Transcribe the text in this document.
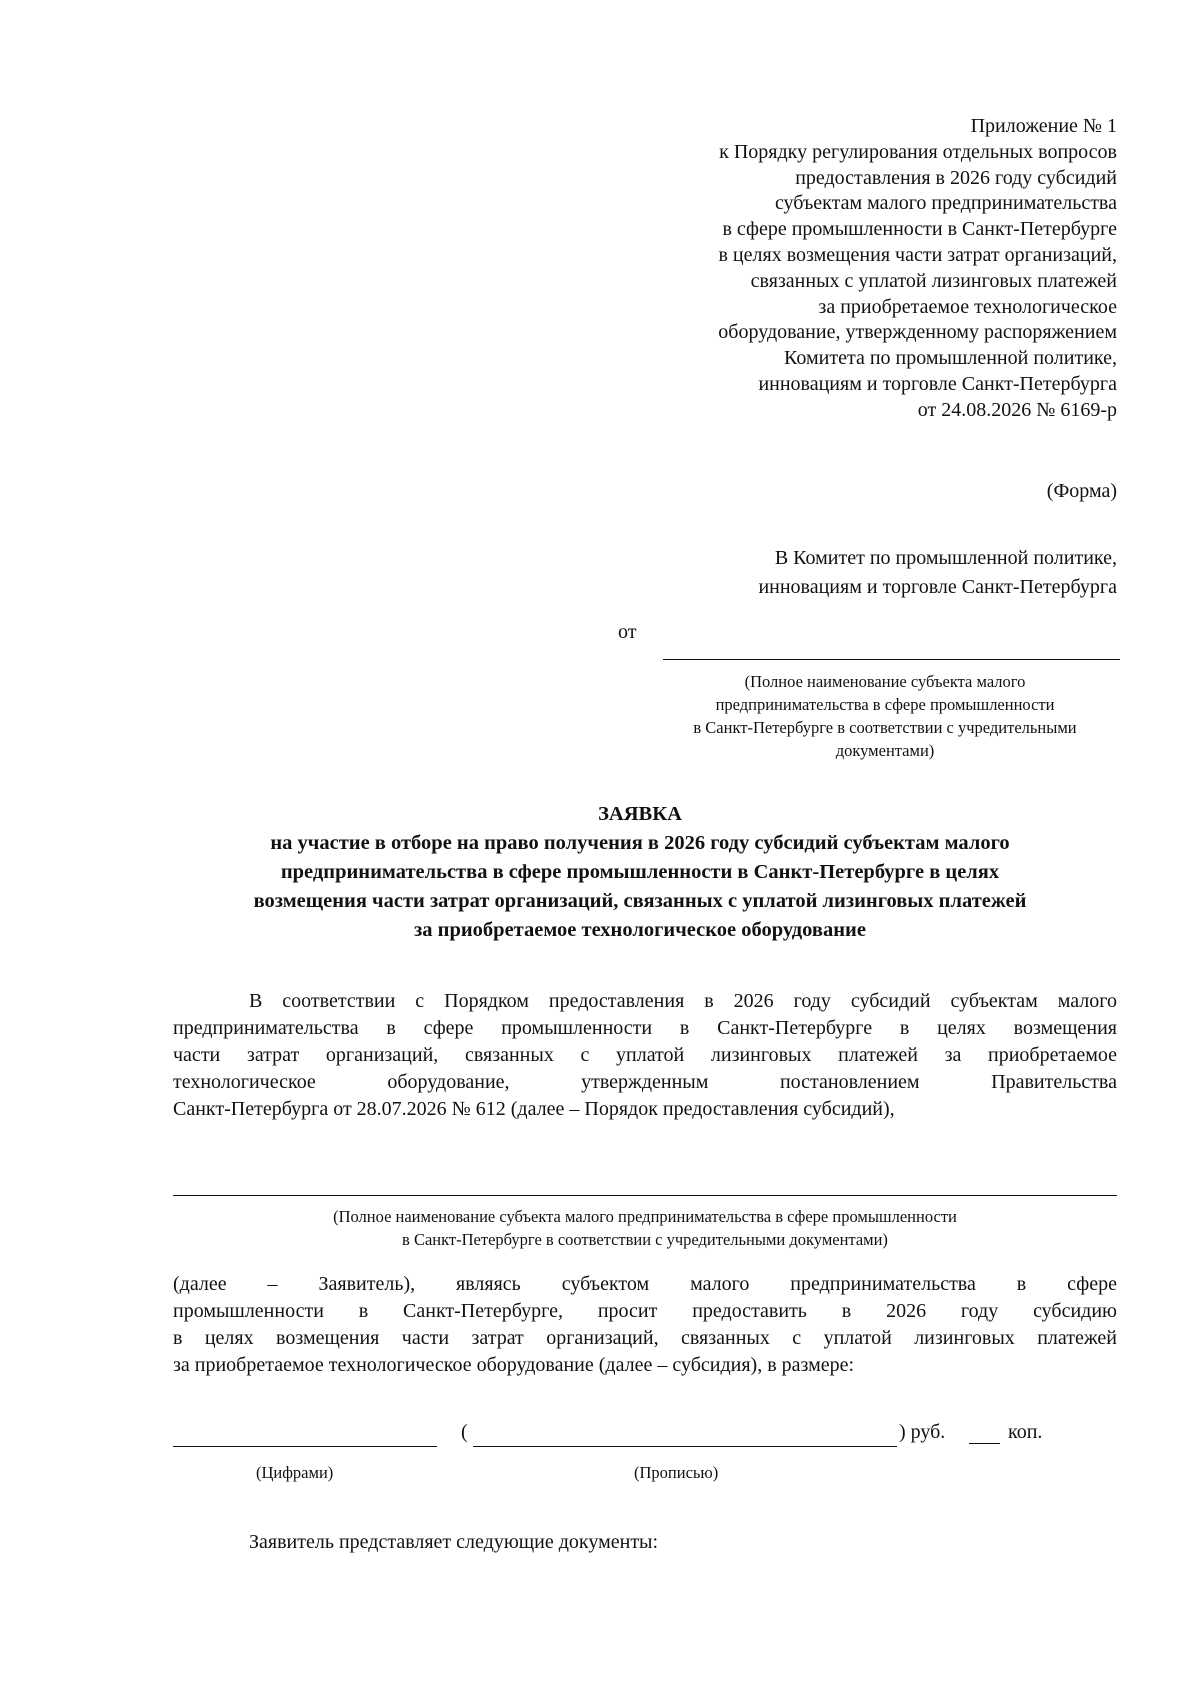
Приложение № 1
к Порядку регулирования отдельных вопросов
предоставления в 2026 году субсидий
субъектам малого предпринимательства
в сфере промышленности в Санкт-Петербурге
в целях возмещения части затрат организаций,
связанных с уплатой лизинговых платежей
за приобретаемое технологическое
оборудование, утвержденному распоряжением
Комитета по промышленной политике,
инновациям и торговле Санкт-Петербурга
от 24.08.2026 № 6169-р
(Форма)
В Комитет по промышленной политике,
инновациям и торговле Санкт-Петербурга
от
(Полное наименование субъекта малого
предпринимательства в сфере промышленности
в Санкт-Петербурге в соответствии с учредительными
документами)
ЗАЯВКА
на участие в отборе на право получения в 2026 году субсидий субъектам малого
предпринимательства в сфере промышленности в Санкт-Петербурге в целях
возмещения части затрат организаций, связанных с уплатой лизинговых платежей
за приобретаемое технологическое оборудование
В соответствии с Порядком предоставления в 2026 году субсидий субъектам малого
предпринимательства в сфере промышленности в Санкт-Петербурге в целях возмещения
части затрат организаций, связанных с уплатой лизинговых платежей за приобретаемое
технологическое оборудование, утвержденным постановлением Правительства
Санкт-Петербурга от 28.07.2026 № 612 (далее – Порядок предоставления субсидий),
(Полное наименование субъекта малого предпринимательства в сфере промышленности
в Санкт-Петербурге в соответствии с учредительными документами)
(далее – Заявитель), являясь субъектом малого предпринимательства в сфере
промышленности в Санкт-Петербурге, просит предоставить в 2026 году субсидию
в целях возмещения части затрат организаций, связанных с уплатой лизинговых платежей
за приобретаемое технологическое оборудование (далее – субсидия), в размере:
(	) руб.	коп.
(Цифрами)	(Прописью)
Заявитель представляет следующие документы:
